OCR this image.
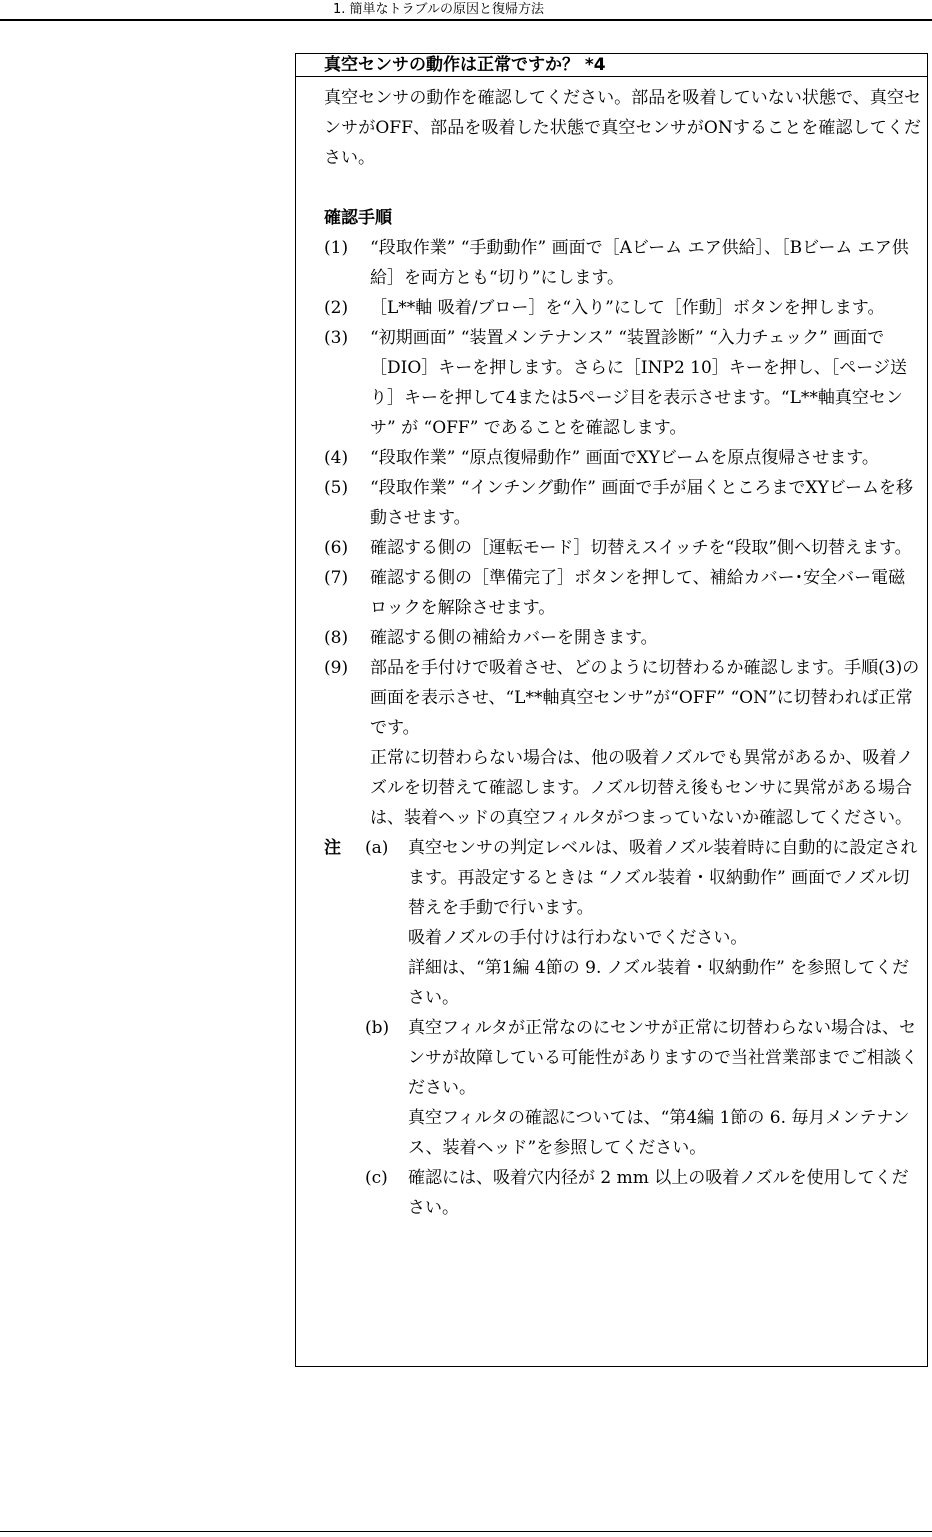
1. 簡単なトラブルの原因と復帰方法
真空センサの動作は正常ですか？ *4
真空センサの動作を確認してください。部品を吸着していない状態で、真空センサがOFF、部品を吸着した状態で真空センサがONすることを確認してください。
確認手順
(1)	“段取作業” “手動動作” 画面で［Aビーム エア供給］、［Bビーム エア供給］を両方とも“切り”にします。
(2)	［L**軸 吸着/ブロー］を“入り”にして［作動］ボタンを押します。
(3)	“初期画面” “装置メンテナンス” “装置診断” “入力チェック” 画面で［DIO］キーを押します。さらに［INP2 10］キーを押し、［ページ送り］キーを押して4または5ページ目を表示させます。“L**軸真空センサ” が “OFF” であることを確認します。
(4)	“段取作業” “原点復帰動作” 画面でXYビームを原点復帰させます。
(5)	“段取作業” “インチング動作” 画面で手が届くところまでXYビームを移動させます。
(6)	確認する側の［運転モード］切替えスイッチを“段取”側へ切替えます。
(7)	確認する側の［準備完了］ボタンを押して、補給カバー･安全バー電磁ロックを解除させます。
(8)	確認する側の補給カバーを開きます。
(9)	部品を手付けで吸着させ、どのように切替わるか確認します。手順(3)の画面を表示させ、“L**軸真空センサ”が“OFF” “ON”に切替われば正常です。
正常に切替わらない場合は、他の吸着ノズルでも異常があるか、吸着ノズルを切替えて確認します。ノズル切替え後もセンサに異常がある場合は、装着ヘッドの真空フィルタがつまっていないか確認してください。
注	(a)	真空センサの判定レベルは、吸着ノズル装着時に自動的に設定されます。再設定するときは “ノズル装着・収納動作” 画面でノズル切替えを手動で行います。
吸着ノズルの手付けは行わないでください。
詳細は、“第1編 4節の 9. ノズル装着・収納動作” を参照してください。
(b)	真空フィルタが正常なのにセンサが正常に切替わらない場合は、センサが故障している可能性がありますので当社営業部までご相談ください。
真空フィルタの確認については、“第4編 1節の 6. 毎月メンテナンス、装着ヘッド”を参照してください。
(c)	確認には、吸着穴内径が 2 mm 以上の吸着ノズルを使用してください。
